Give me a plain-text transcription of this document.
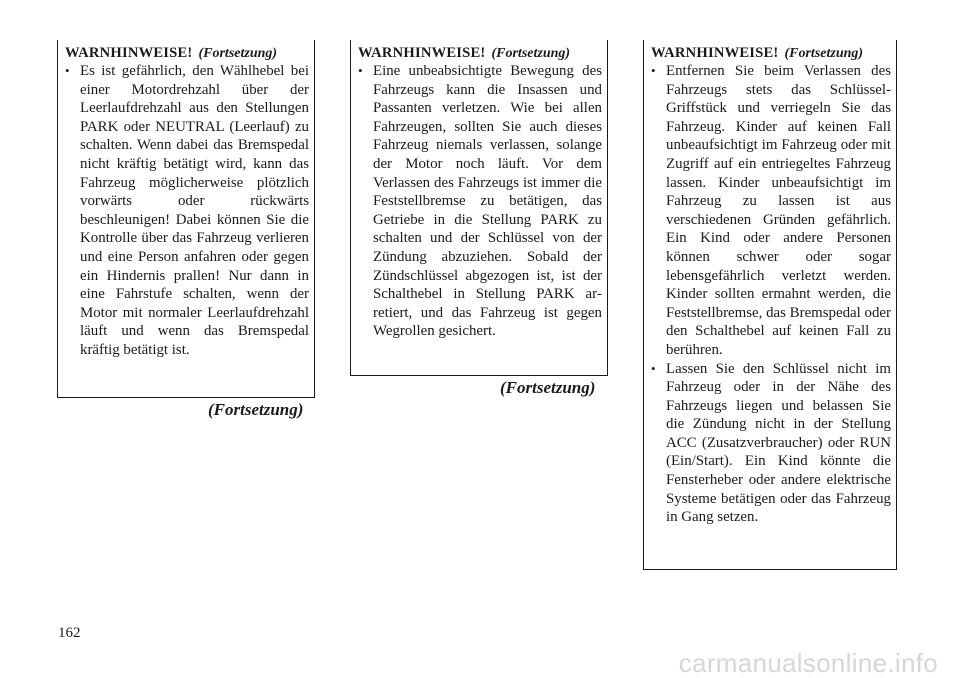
WARNHINWEISE! (Fortsetzung)
• Es ist gefährlich, den Wählhebel bei einer Motordrehzahl über der Leerlaufdrehzahl aus den Stellungen PARK oder NEUTRAL (Leerlauf) zu schalten. Wenn dabei das Bremspedal nicht kräftig betätigt wird, kann das Fahrzeug möglicherweise plötzlich vorwärts oder rückwärts beschleunigen! Dabei können Sie die Kontrolle über das Fahrzeug verlieren und eine Person anfahren oder gegen ein Hindernis prallen! Nur dann in eine Fahrstufe schalten, wenn der Motor mit normaler Leerlaufdrehzahl läuft und wenn das Bremspedal kräftig betätigt ist.
(Fortsetzung)
WARNHINWEISE! (Fortsetzung)
• Eine unbeabsichtigte Bewegung des Fahrzeugs kann die Insassen und Passanten verletzen. Wie bei allen Fahrzeugen, sollten Sie auch dieses Fahrzeug niemals verlassen, solange der Motor noch läuft. Vor dem Verlassen des Fahrzeugs ist immer die Feststellbremse zu betätigen, das Getriebe in die Stellung PARK zu schalten und der Schlüssel von der Zündung abzuziehen. Sobald der Zündschlüssel abgezogen ist, ist der Schalthebel in Stellung PARK arretiert, und das Fahrzeug ist gegen Wegrollen gesichert.
(Fortsetzung)
WARNHINWEISE! (Fortsetzung)
• Entfernen Sie beim Verlassen des Fahrzeugs stets das SchlüsselGriffstück und verriegeln Sie das Fahrzeug. Kinder auf keinen Fall unbeaufsichtigt im Fahrzeug oder mit Zugriff auf ein entriegeltes Fahrzeug lassen. Kinder unbeaufsichtigt im Fahrzeug zu lassen ist aus verschiedenen Gründen gefährlich. Ein Kind oder andere Personen können schwer oder sogar lebensgefährlich verletzt werden. Kinder sollten ermahnt werden, die Feststellbremse, das Bremspedal oder den Schalthebel auf keinen Fall zu berühren.
• Lassen Sie den Schlüssel nicht im Fahrzeug oder in der Nähe des Fahrzeugs liegen und belassen Sie die Zündung nicht in der Stellung ACC (Zusatzverbraucher) oder RUN (Ein/Start). Ein Kind könnte die Fensterheber oder andere elektrische Systeme betätigen oder das Fahrzeug in Gang setzen.
162
carmanualsonline.info
